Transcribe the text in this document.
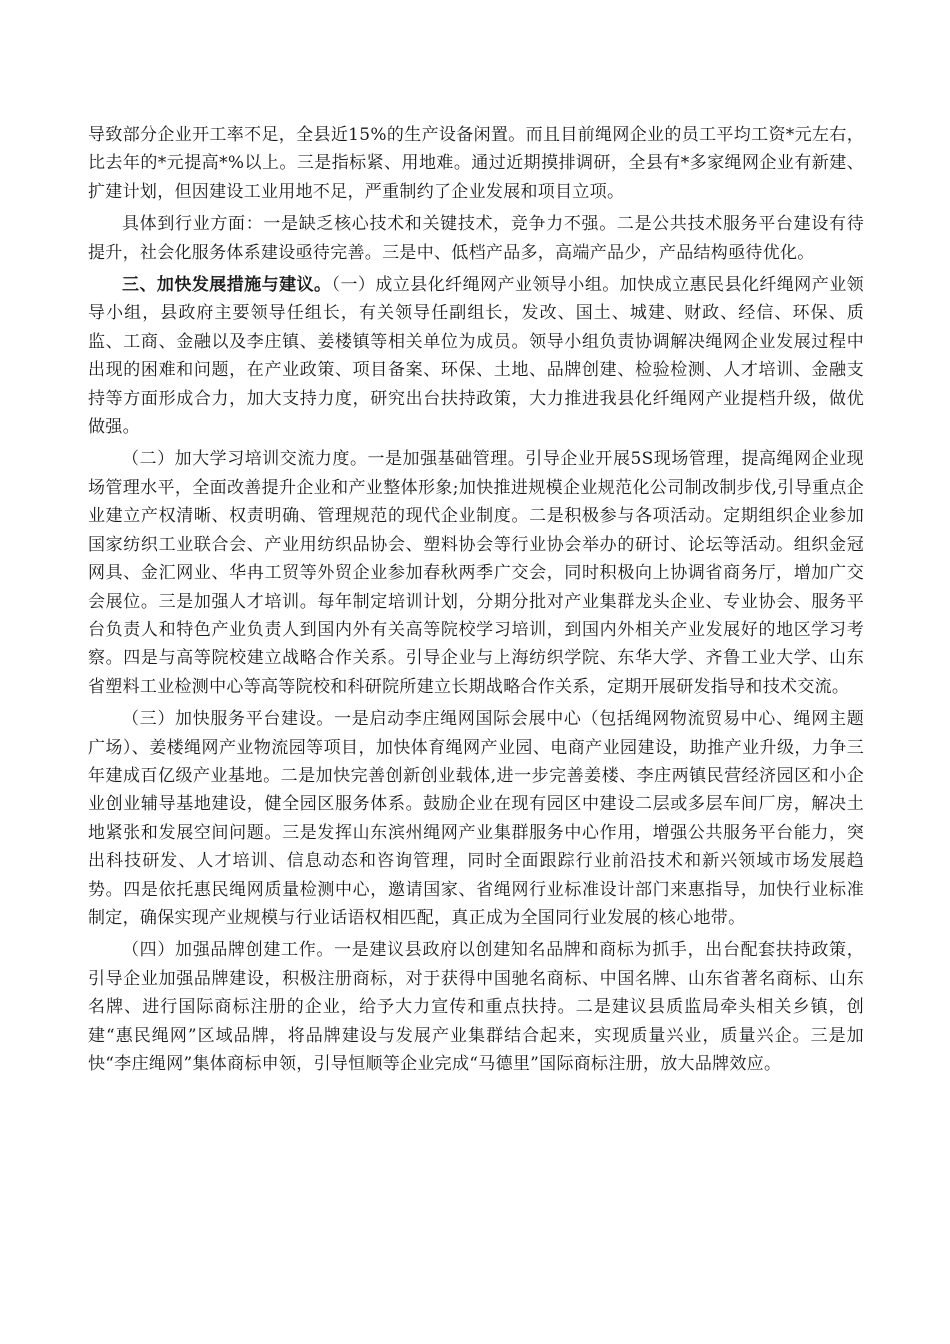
导致部分企业开工率不足，全县近15%的生产设备闲置。而且目前绳网企业的员工平均工资*元左右，比去年的*元提高*%以上。三是指标紧、用地难。通过近期摸排调研，全县有*多家绳网企业有新建、扩建计划，但因建设工业用地不足，严重制约了企业发展和项目立项。

具体到行业方面：一是缺乏核心技术和关键技术，竞争力不强。二是公共技术服务平台建设有待提升，社会化服务体系建设亟待完善。三是中、低档产品多，高端产品少，产品结构亟待优化。

三、加快发展措施与建议。（一）成立县化纤绳网产业领导小组。加快成立惠民县化纤绳网产业领导小组，县政府主要领导任组长，有关领导任副组长，发改、国土、城建、财政、经信、环保、质监、工商、金融以及李庄镇、姜楼镇等相关单位为成员。领导小组负责协调解决绳网企业发展过程中出现的困难和问题，在产业政策、项目备案、环保、土地、品牌创建、检验检测、人才培训、金融支持等方面形成合力，加大支持力度，研究出台扶持政策，大力推进我县化纤绳网产业提档升级，做优做强。

（二）加大学习培训交流力度。一是加强基础管理。引导企业开展5S现场管理，提高绳网企业现场管理水平，全面改善提升企业和产业整体形象;加快推进规模企业规范化公司制改制步伐,引导重点企业建立产权清晰、权责明确、管理规范的现代企业制度。二是积极参与各项活动。定期组织企业参加国家纺织工业联合会、产业用纺织品协会、塑料协会等行业协会举办的研讨、论坛等活动。组织金冠网具、金汇网业、华冉工贸等外贸企业参加春秋两季广交会，同时积极向上协调省商务厅，增加广交会展位。三是加强人才培训。每年制定培训计划，分期分批对产业集群龙头企业、专业协会、服务平台负责人和特色产业负责人到国内外有关高等院校学习培训，到国内外相关产业发展好的地区学习考察。四是与高等院校建立战略合作关系。引导企业与上海纺织学院、东华大学、齐鲁工业大学、山东省塑料工业检测中心等高等院校和科研院所建立长期战略合作关系，定期开展研发指导和技术交流。

（三）加快服务平台建设。一是启动李庄绳网国际会展中心（包括绳网物流贸易中心、绳网主题广场）、姜楼绳网产业物流园等项目，加快体育绳网产业园、电商产业园建设，助推产业升级，力争三年建成百亿级产业基地。二是加快完善创新创业载体,进一步完善姜楼、李庄两镇民营经济园区和小企业创业辅导基地建设，健全园区服务体系。鼓励企业在现有园区中建设二层或多层车间厂房，解决土地紧张和发展空间问题。三是发挥山东滨州绳网产业集群服务中心作用，增强公共服务平台能力，突出科技研发、人才培训、信息动态和咨询管理，同时全面跟踪行业前沿技术和新兴领域市场发展趋势。四是依托惠民绳网质量检测中心，邀请国家、省绳网行业标准设计部门来惠指导，加快行业标准制定，确保实现产业规模与行业话语权相匹配，真正成为全国同行业发展的核心地带。

（四）加强品牌创建工作。一是建议县政府以创建知名品牌和商标为抓手，出台配套扶持政策，引导企业加强品牌建设，积极注册商标，对于获得中国驰名商标、中国名牌、山东省著名商标、山东名牌、进行国际商标注册的企业，给予大力宣传和重点扶持。二是建议县质监局牵头相关乡镇，创建“惠民绳网”区域品牌，将品牌建设与发展产业集群结合起来，实现质量兴业，质量兴企。三是加快“李庄绳网”集体商标申领，引导恒顺等企业完成“马德里”国际商标注册，放大品牌效应。
